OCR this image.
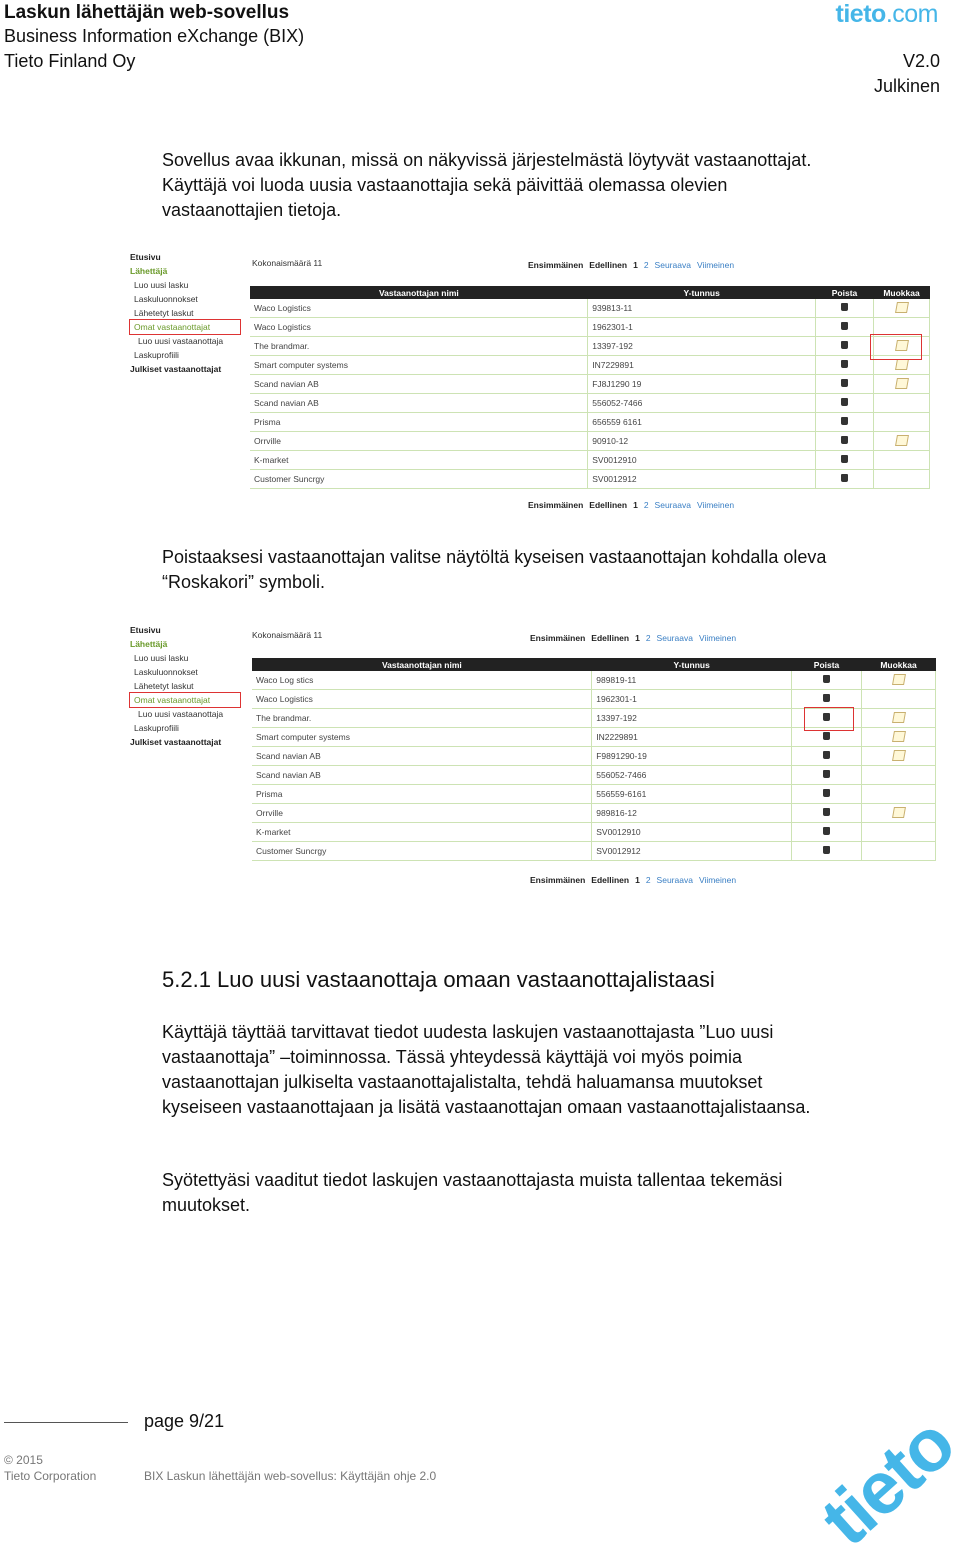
Laskun lähettäjän web-sovellus
Business Information eXchange (BIX)
Tieto Finland Oy
tieto.com
V2.0
Julkinen

Sovellus avaa ikkunan, missä on näkyvissä järjestelmästä löytyvät vastaanottajat. Käyttäjä voi luoda uusia vastaanottajia sekä päivittää olemassa olevien vastaanottajien tietoja.

Etusivu
Lähettäjä
Luo uusi lasku
Laskuluonnokset
Lähetetyt laskut
Omat vastaanottajat
Luo uusi vastaanottaja
Laskuprofiili
Julkiset vastaanottajat
Kokonaismäärä 11	Ensimmäinen Edellinen 1 2 Seuraava Viimeinen
Vastaanottajan nimi	Y-tunnus	Poista	Muokkaa
Waco Logistics	939813-11		
Waco Logistics	1962301-1		
The brandmar.	13397-192		
Smart computer systems	IN7229891		
Scand navian AB	FJ8J1290 19		
Scand navian AB	556052-7466		
Prisma	656559 6161		
Orrville	90910-12		
K-market	SV0012910		
Customer Suncrgy	SV0012912		
Ensimmäinen Edellinen 1 2 Seuraava Viimeinen

Poistaaksesi vastaanottajan valitse näytöltä kyseisen vastaanottajan kohdalla oleva “Roskakori” symboli.

Etusivu
Lähettäjä
Luo uusi lasku
Laskuluonnokset
Lähetetyt laskut
Omat vastaanottajat
Luo uusi vastaanottaja
Laskuprofiili
Julkiset vastaanottajat
Kokonaismäärä 11	Ensimmäinen Edellinen 1 2 Seuraava Viimeinen
Vastaanottajan nimi	Y-tunnus	Poista	Muokkaa
Waco Log stics	989819-11		
Waco Logistics	1962301-1		
The brandmar.	13397-192		
Smart computer systems	IN2229891		
Scand navian AB	F9891290-19		
Scand navian AB	556052-7466		
Prisma	556559-6161		
Orrville	989816-12		
K-market	SV0012910		
Customer Suncrgy	SV0012912		
Ensimmäinen Edellinen 1 2 Seuraava Viimeinen
5.2.1 Luo uusi vastaanottaja omaan vastaanottajalistaasi

Käyttäjä täyttää tarvittavat tiedot uudesta laskujen vastaanottajasta ”Luo uusi vastaanottaja” –toiminnossa. Tässä yhteydessä käyttäjä voi myös poimia vastaanottajan julkiselta vastaanottajalistalta, tehdä haluamansa muutokset kyseiseen vastaanottajaan ja lisätä vastaanottajan omaan vastaanottajalistaansa.

Syötettyäsi vaaditut tiedot laskujen vastaanottajasta muista tallentaa tekemäsi muutokset.

page 9/21
© 2015
Tieto Corporation	BIX Laskun lähettäjän web-sovellus: Käyttäjän ohje 2.0	tieto
